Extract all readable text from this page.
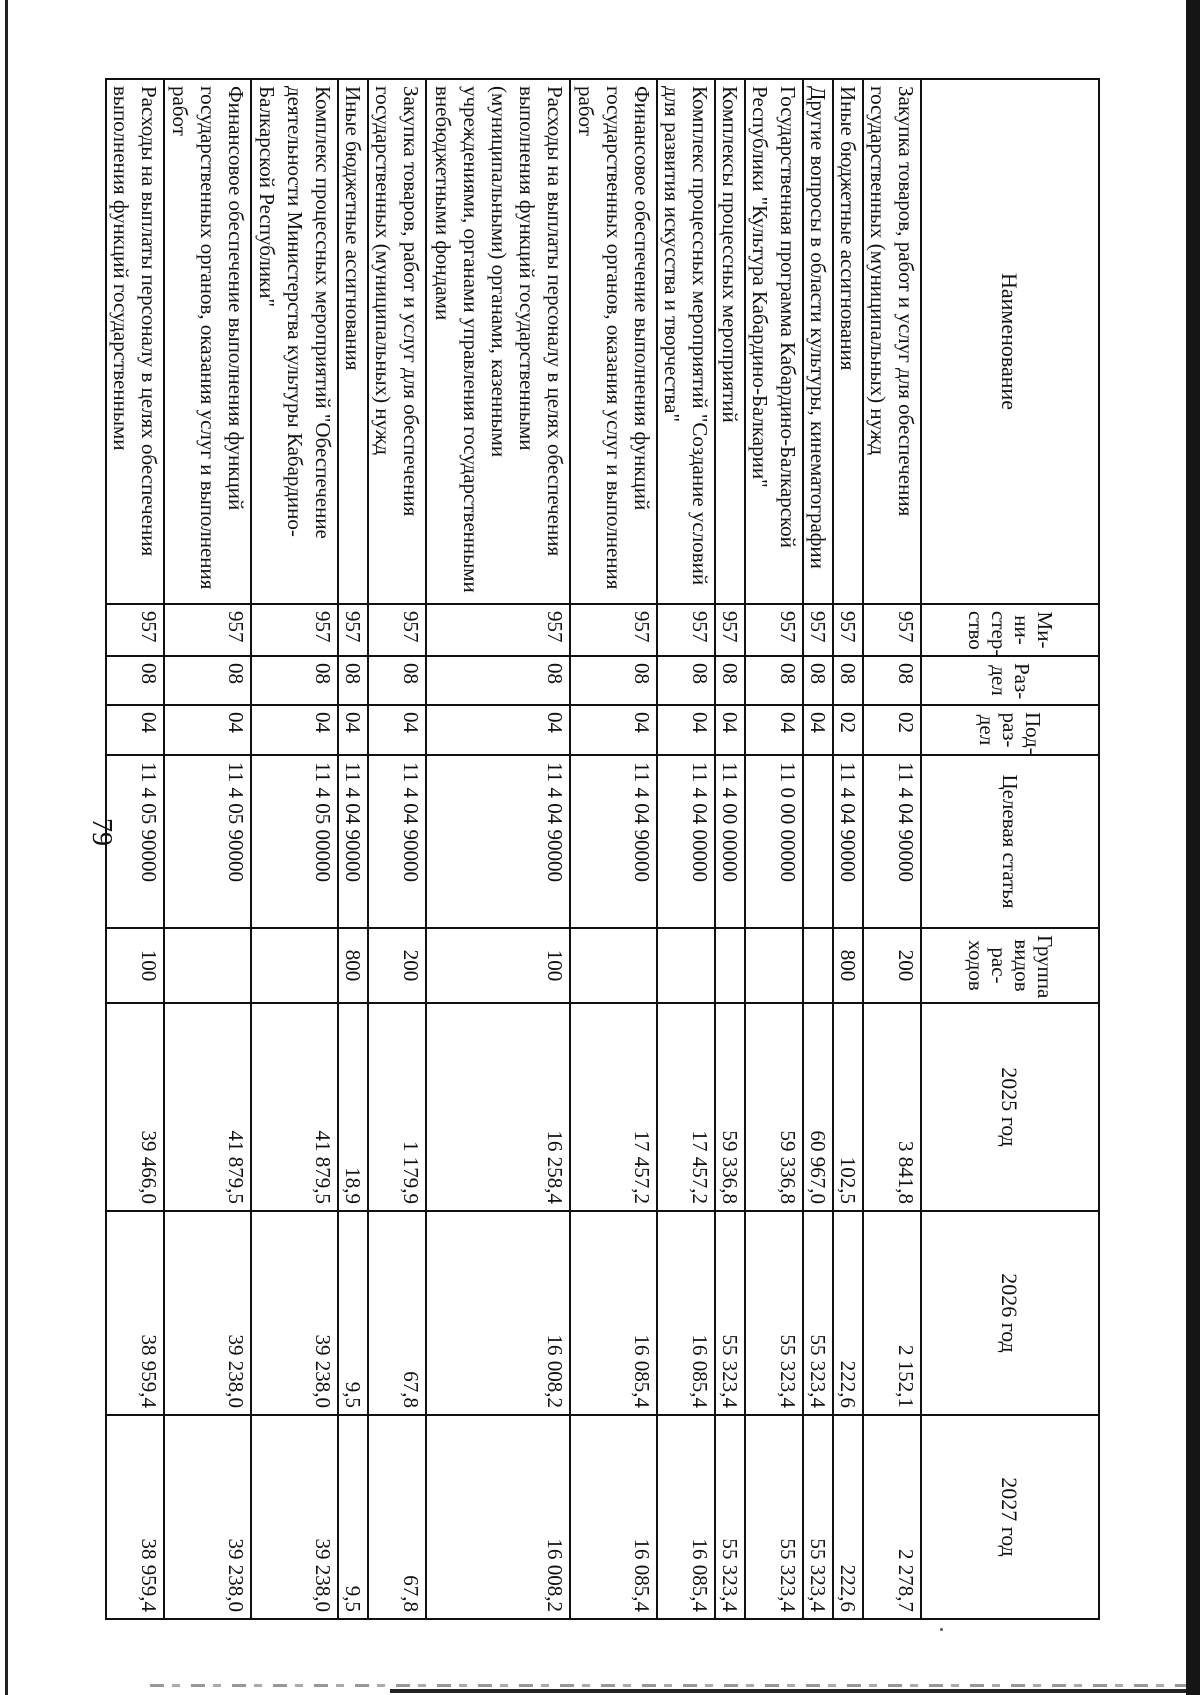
79
Наименование	Ми-ни-стер-ство	Раз-дел	Под-раз-дел	Целевая статья	Группа видов рас-ходов	2025 год	2026 год	2027 год
Закупка товаров, работ и услуг для обеспечения государственных (муниципальных) нужд	957	08	02	11 4 04 90000	200	3 841,8	2 152,1	2 278,7
Иные бюджетные ассигнования	957	08	02	11 4 04 90000	800	102,5	222,6	222,6
Другие вопросы в области культуры, кинематографии	957	08	04			60 967,0	55 323,4	55 323,4
Государственная программа Кабардино-Балкарской Республики "Культура Кабардино-Балкарии"	957	08	04	11 0 00 00000		59 336,8	55 323,4	55 323,4
Комплексы процессных мероприятий	957	08	04	11 4 00 00000		59 336,8	55 323,4	55 323,4
Комплекс процессных мероприятий "Создание условий для развития искусства и творчества"	957	08	04	11 4 04 00000		17 457,2	16 085,4	16 085,4
Финансовое обеспечение выполнения функций государственных органов, оказания услуг и выполнения работ	957	08	04	11 4 04 90000		17 457,2	16 085,4	16 085,4
Расходы на выплаты персоналу в целях обеспечения выполнения функций государственными (муниципальными) органами, казенными учреждениями, органами управления государственными внебюджетными фондами	957	08	04	11 4 04 90000	100	16 258,4	16 008,2	16 008,2
Закупка товаров, работ и услуг для обеспечения государственных (муниципальных) нужд	957	08	04	11 4 04 90000	200	1 179,9	67,8	67,8
Иные бюджетные ассигнования	957	08	04	11 4 04 90000	800	18,9	9,5	9,5
Комплекс процессных мероприятий "Обеспечение деятельности Министерства культуры Кабардино-Балкарской Республики"	957	08	04	11 4 05 00000		41 879,5	39 238,0	39 238,0
Финансовое обеспечение выполнения функций государственных органов, оказания услуг и выполнения работ	957	08	04	11 4 05 90000		41 879,5	39 238,0	39 238,0
Расходы на выплаты персоналу в целях обеспечения выполнения функций государственными	957	08	04	11 4 05 90000	100	39 466,0	38 959,4	38 959,4
